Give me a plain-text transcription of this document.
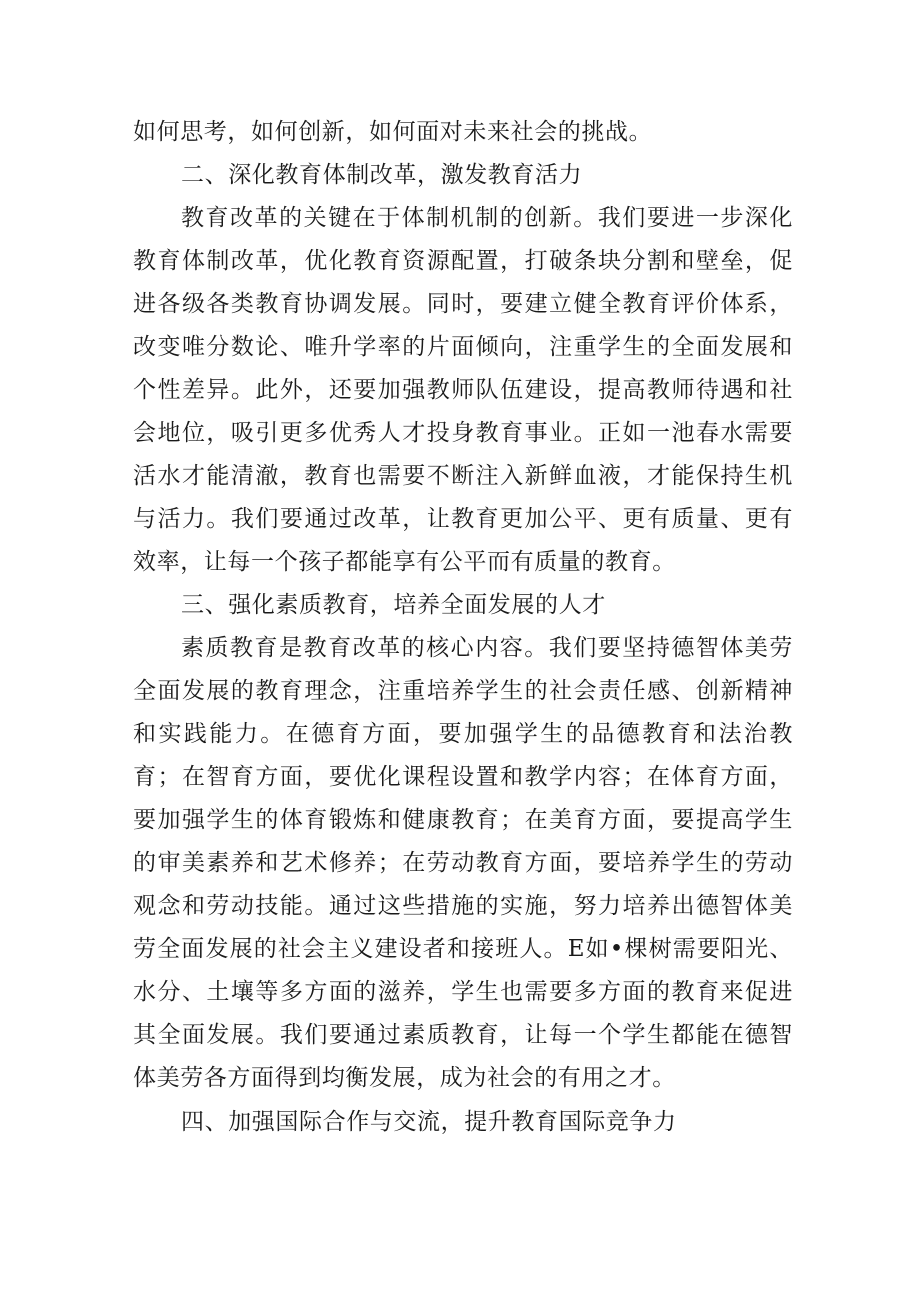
如何思考，如何创新，如何面对未来社会的挑战。

二、深化教育体制改革，激发教育活力

教育改革的关键在于体制机制的创新。我们要进一步深化教育体制改革，优化教育资源配置，打破条块分割和壁垒，促进各级各类教育协调发展。同时，要建立健全教育评价体系，改变唯分数论、唯升学率的片面倾向，注重学生的全面发展和个性差异。此外，还要加强教师队伍建设，提高教师待遇和社会地位，吸引更多优秀人才投身教育事业。正如一池春水需要活水才能清澈，教育也需要不断注入新鲜血液，才能保持生机与活力。我们要通过改革，让教育更加公平、更有质量、更有效率，让每一个孩子都能享有公平而有质量的教育。

三、强化素质教育，培养全面发展的人才

素质教育是教育改革的核心内容。我们要坚持德智体美劳全面发展的教育理念，注重培养学生的社会责任感、创新精神和实践能力。在德育方面，要加强学生的品德教育和法治教育；在智育方面，要优化课程设置和教学内容；在体育方面，要加强学生的体育锻炼和健康教育；在美育方面，要提高学生的审美素养和艺术修养；在劳动教育方面，要培养学生的劳动观念和劳动技能。通过这些措施的实施，努力培养出德智体美劳全面发展的社会主义建设者和接班人。E如•棵树需要阳光、水分、土壤等多方面的滋养，学生也需要多方面的教育来促进其全面发展。我们要通过素质教育，让每一个学生都能在德智体美劳各方面得到均衡发展，成为社会的有用之才。

四、加强国际合作与交流，提升教育国际竞争力
